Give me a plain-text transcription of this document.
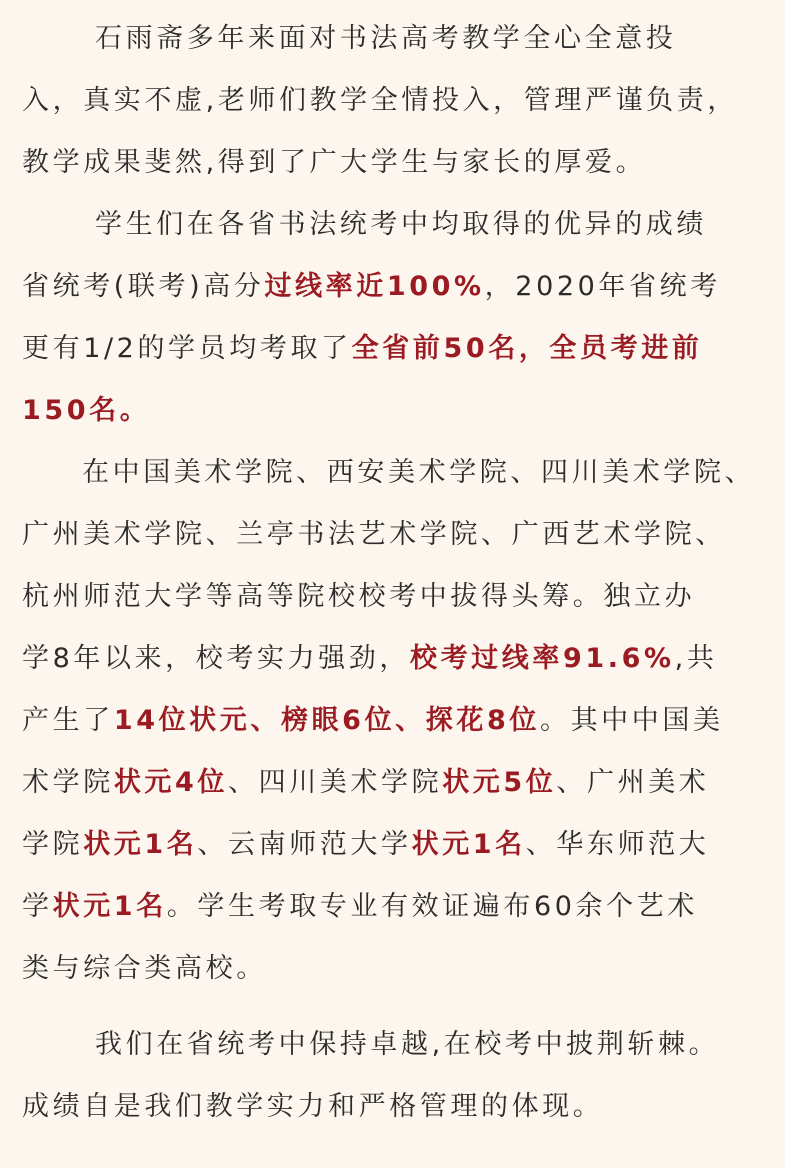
石雨斋多年来面对书法高考教学全心全意投
入，真实不虚,老师们教学全情投入，管理严谨负责，
教学成果斐然,得到了广大学生与家长的厚爱。
学生们在各省书法统考中均取得的优异的成绩
省统考(联考)高分过线率近100%，2020年省统考
更有1/2的学员均考取了全省前50名，全员考进前
150名。
在中国美术学院、西安美术学院、四川美术学院、
广州美术学院、兰亭书法艺术学院、广西艺术学院、
杭州师范大学等高等院校校考中拔得头筹。独立办
学8年以来，校考实力强劲，校考过线率91.6%,共
产生了14位状元、榜眼6位、探花8位。其中中国美
术学院状元4位、四川美术学院状元5位、广州美术
学院状元1名、云南师范大学状元1名、华东师范大
学状元1名。学生考取专业有效证遍布60余个艺术
类与综合类高校。
我们在省统考中保持卓越,在校考中披荆斩棘。
成绩自是我们教学实力和严格管理的体现。
